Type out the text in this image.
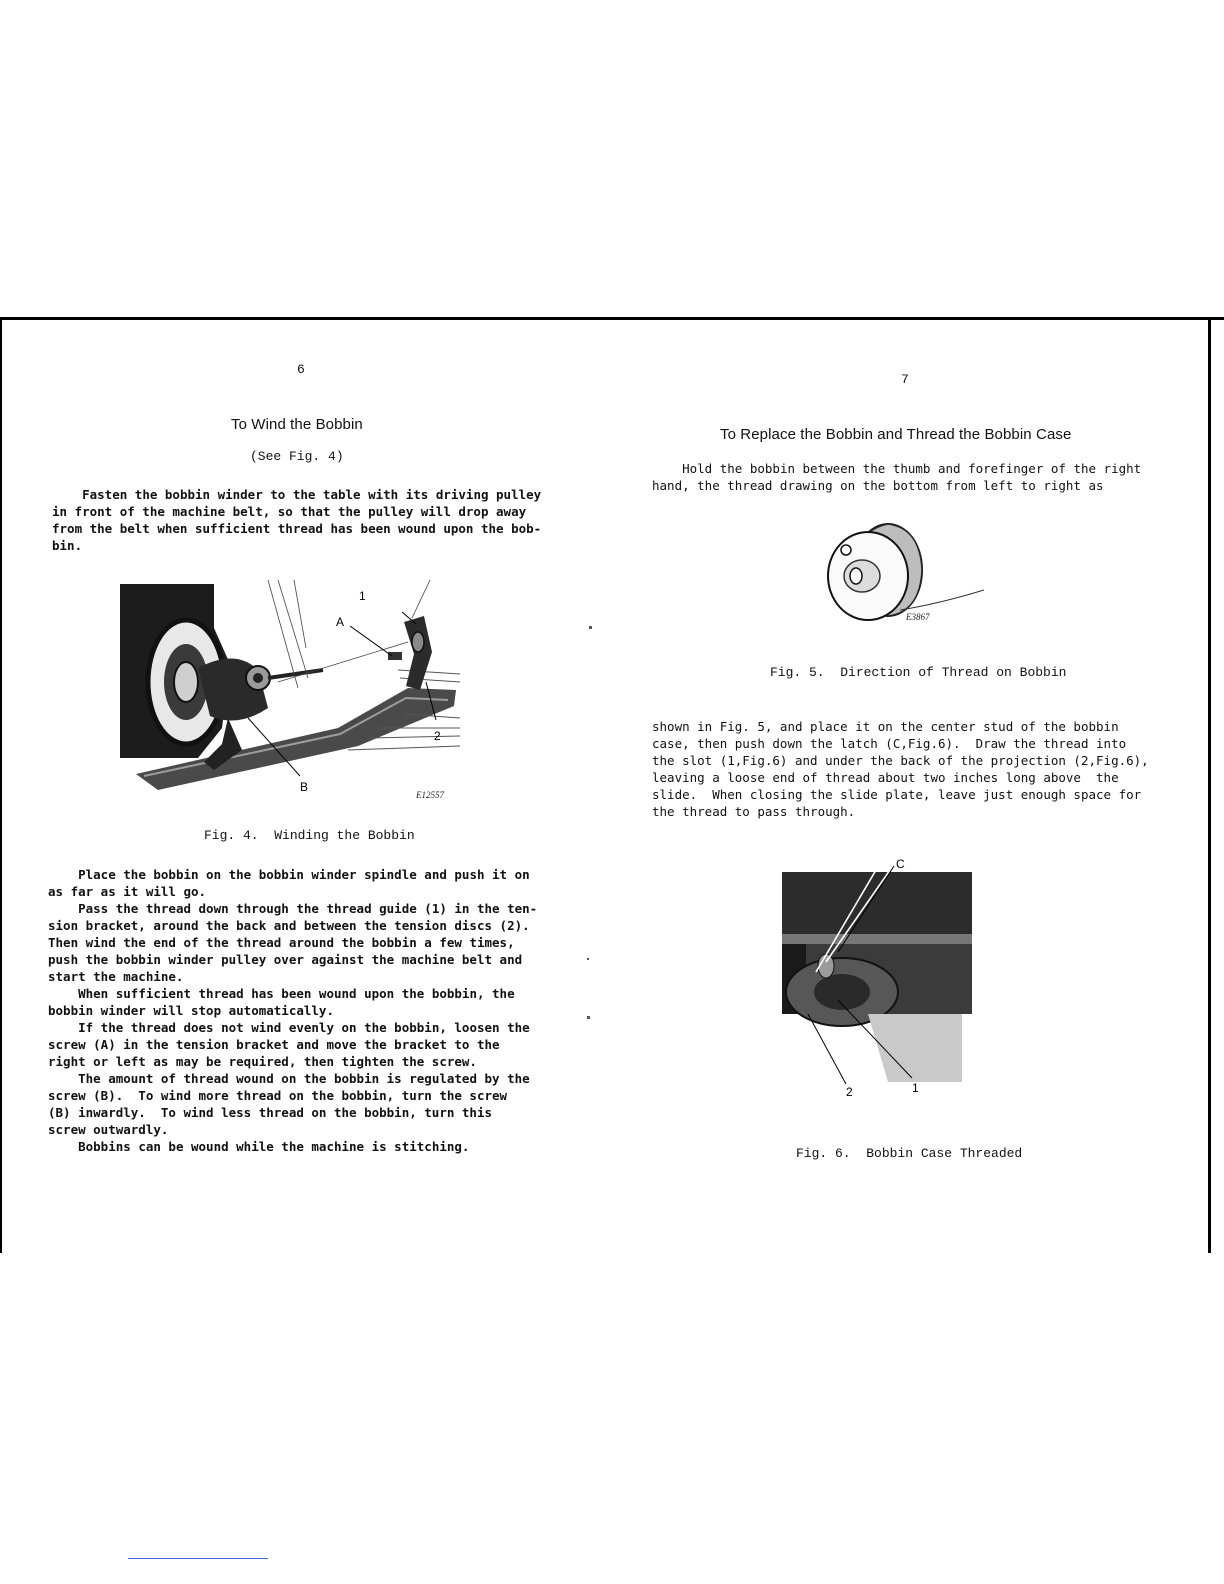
6
To Wind the Bobbin
(See Fig. 4)
Fasten the bobbin winder to the table with its driving pulley
in front of the machine belt, so that the pulley will drop away
from the belt when sufficient thread has been wound upon the bob-
bin.
1
A
2
B
E12557
Fig. 4.  Winding the Bobbin
Place the bobbin on the bobbin winder spindle and push it on
as far as it will go.
Pass the thread down through the thread guide (1) in the ten-
sion bracket, around the back and between the tension discs (2).
Then wind the end of the thread around the bobbin a few times,
push the bobbin winder pulley over against the machine belt and
start the machine.
When sufficient thread has been wound upon the bobbin, the
bobbin winder will stop automatically.
If the thread does not wind evenly on the bobbin, loosen the
screw (A) in the tension bracket and move the bracket to the
right or left as may be required, then tighten the screw.
The amount of thread wound on the bobbin is regulated by the
screw (B).  To wind more thread on the bobbin, turn the screw
(B) inwardly.  To wind less thread on the bobbin, turn this
screw outwardly.
Bobbins can be wound while the machine is stitching.
7
To Replace the Bobbin and Thread the Bobbin Case
Hold the bobbin between the thumb and forefinger of the right
hand, the thread drawing on the bottom from left to right as
E3867
Fig. 5.  Direction of Thread on Bobbin
shown in Fig. 5, and place it on the center stud of the bobbin
case, then push down the latch (C,Fig.6).  Draw the thread into
the slot (1,Fig.6) and under the back of the projection (2,Fig.6),
leaving a loose end of thread about two inches long above  the
slide.  When closing the slide plate, leave just enough space for
the thread to pass through.
C
2	1
Fig. 6.  Bobbin Case Threaded
